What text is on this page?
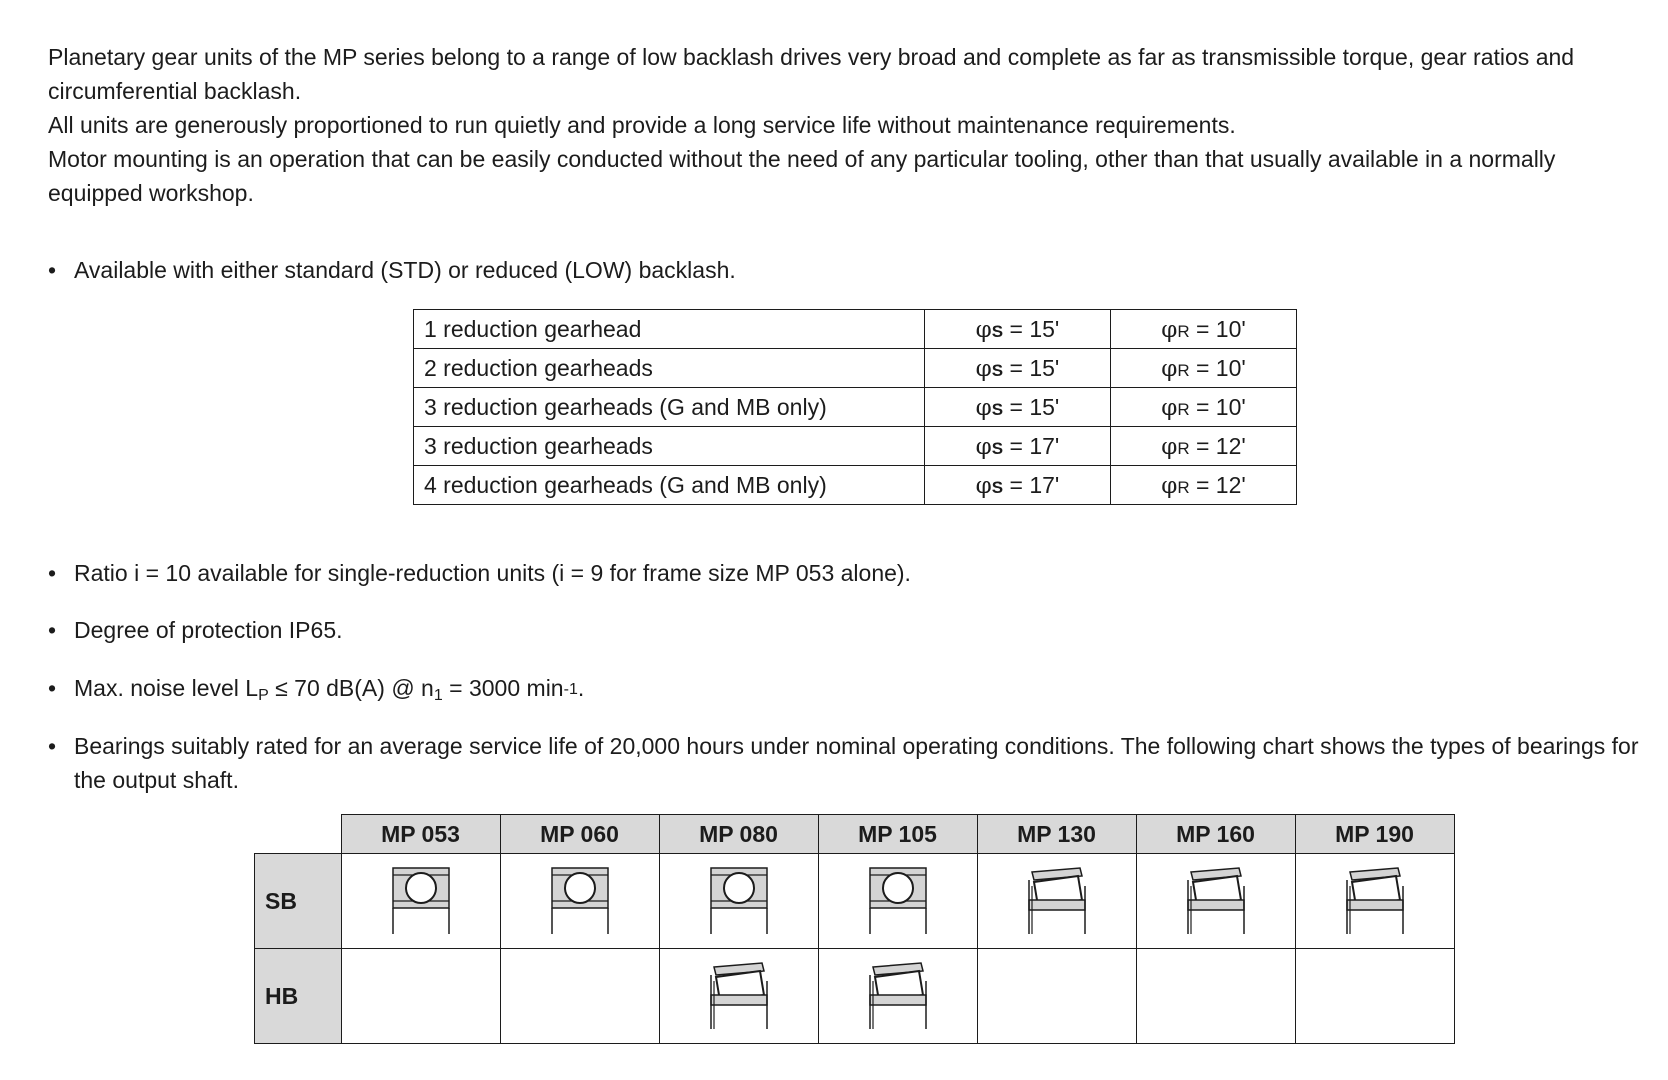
Planetary gear units of the MP series belong to a range of low backlash drives very broad and complete as far as transmissible torque, gear ratios and circumferential backlash.

All units are generously proportioned to run quietly and provide a long service life without maintenance requirements.

Motor mounting is an operation that can be easily conducted without the need of any particular tooling, other than that usually available in a normally equipped workshop.

• Available with either standard (STD) or reduced (LOW) backlash.
1 reduction gearhead	φS = 15'	φR = 10'
2 reduction gearheads	φS = 15'	φR = 10'
3 reduction gearheads (G and MB only)	φS = 15'	φR = 10'
3 reduction gearheads	φS = 17'	φR = 12'
4 reduction gearheads (G and MB only)	φS = 17'	φR = 12'
• Ratio i = 10 available for single-reduction units (i = 9 for frame size MP 053 alone).
• Degree of protection IP65.
• Max. noise level $L_P \le 70$ dB(A) @ $n_1 = 3000$ $\min^{-1}$.
• Bearings suitably rated for an average service life of 20,000 hours under nominal operating conditions. The following chart shows the types of bearings for the output shaft.
	MP 053	MP 060	MP 080	MP 105	MP 130	MP 160	MP 190
SB	

HB			
